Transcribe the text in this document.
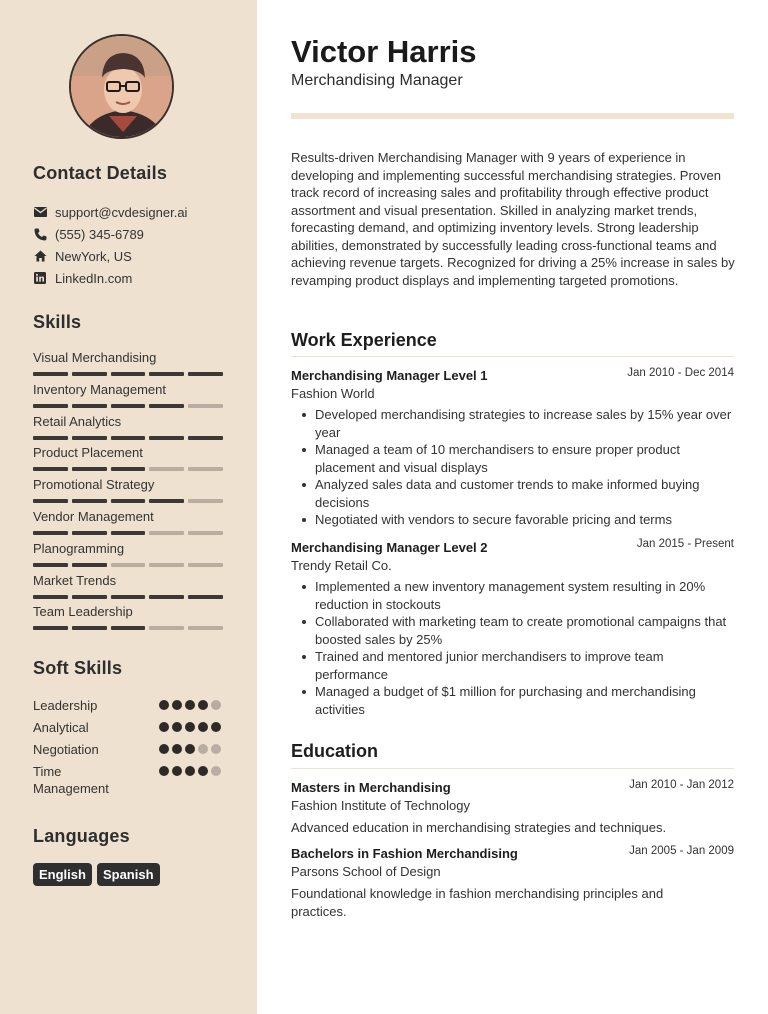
Contact Details
support@cvdesigner.ai
(555) 345-6789
NewYork, US
LinkedIn.com
Skills
Visual Merchandising
Inventory Management
Retail Analytics
Product Placement
Promotional Strategy
Vendor Management
Planogramming
Market Trends
Team Leadership
Soft Skills
Leadership
Analytical
Negotiation
Time Management
Languages
English	Spanish
Victor Harris
Merchandising Manager
Results-driven Merchandising Manager with 9 years of experience in developing and implementing successful merchandising strategies. Proven track record of increasing sales and profitability through effective product assortment and visual presentation. Skilled in analyzing market trends, forecasting demand, and optimizing inventory levels. Strong leadership abilities, demonstrated by successfully leading cross-functional teams and achieving revenue targets. Recognized for driving a 25% increase in sales by revamping product displays and implementing targeted promotions.
Work Experience
Merchandising Manager Level 1	Jan 2010 - Dec 2014
Fashion World
Developed merchandising strategies to increase sales by 15% year over year
Managed a team of 10 merchandisers to ensure proper product placement and visual displays
Analyzed sales data and customer trends to make informed buying decisions
Negotiated with vendors to secure favorable pricing and terms
Merchandising Manager Level 2	Jan 2015 - Present
Trendy Retail Co.
Implemented a new inventory management system resulting in 20% reduction in stockouts
Collaborated with marketing team to create promotional campaigns that boosted sales by 25%
Trained and mentored junior merchandisers to improve team performance
Managed a budget of $1 million for purchasing and merchandising activities
Education
Masters in Merchandising	Jan 2010 - Jan 2012
Fashion Institute of Technology
Advanced education in merchandising strategies and techniques.
Bachelors in Fashion Merchandising	Jan 2005 - Jan 2009
Parsons School of Design
Foundational knowledge in fashion merchandising principles and practices.
